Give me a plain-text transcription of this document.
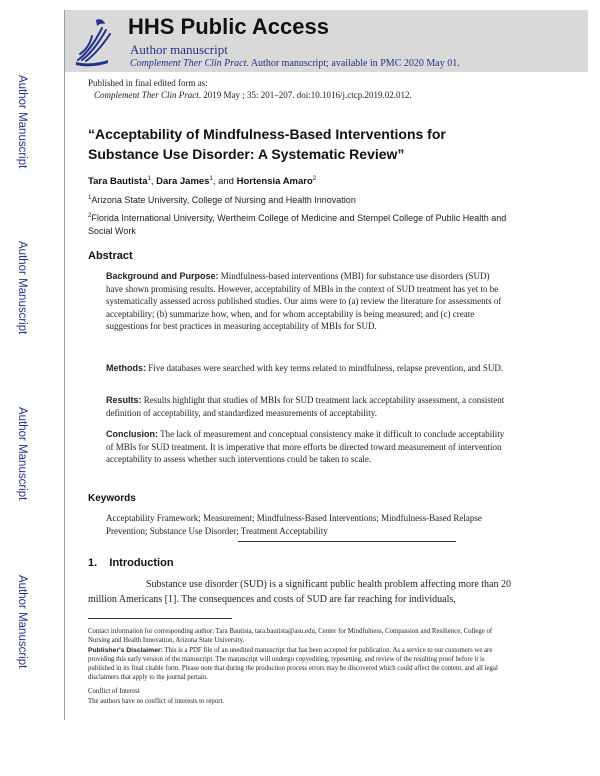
HHS Public Access
Author manuscript
Complement Ther Clin Pract. Author manuscript; available in PMC 2020 May 01.
Author Manuscript
Author Manuscript
Author Manuscript
Author Manuscript
Published in final edited form as:
Complement Ther Clin Pract. 2019 May ; 35: 201–207. doi:10.1016/j.ctcp.2019.02.012.
“Acceptability of Mindfulness-Based Interventions for Substance Use Disorder: A Systematic Review”
Tara Bautista$^1$, Dara James$^1$, and Hortensia Amaro$^2$
$^1$Arizona State University, College of Nursing and Health Innovation
$^2$Florida International University, Wertheim College of Medicine and Stempel College of Public Health and Social Work
Abstract
Background and Purpose: Mindfulness-based interventions (MBI) for substance use disorders (SUD) have shown promising results. However, acceptability of MBIs in the context of SUD treatment has yet to be systematically assessed across published studies. Our aims were to (a) review the literature for assessments of acceptability; (b) summarize how, when, and for whom acceptability is being measured; and (c) create suggestions for best practices in measuring acceptability of MBIs for SUD.
Methods: Five databases were searched with key terms related to mindfulness, relapse prevention, and SUD.
Results: Results highlight that studies of MBIs for SUD treatment lack acceptability assessment, a consistent definition of acceptability, and standardized measurements of acceptability.
Conclusion: The lack of measurement and conceptual consistency make it difficult to conclude acceptability of MBIs for SUD treatment. It is imperative that more efforts be directed toward measurement of intervention acceptability to assess whether such interventions could be taken to scale.
Keywords
Acceptability Framework; Measurement; Mindfulness-Based Interventions; Mindfulness-Based Relapse Prevention; Substance Use Disorder; Treatment Acceptability
1.    Introduction
Substance use disorder (SUD) is a significant public health problem affecting more than 20 million Americans [1]. The consequences and costs of SUD are far reaching for individuals,
Contact information for corresponding author: Tara Bautista, tara.bautista@asu.edu, Center for Mindfulness, Compassion and Resilience, College of Nursing and Health Innovation, Arizona State University.
Publisher's Disclaimer: This is a PDF file of an unedited manuscript that has been accepted for publication. As a service to our customers we are providing this early version of the manuscript. The manuscript will undergo copyediting, typesetting, and review of the resulting proof before it is published in its final citable form. Please note that during the production process errors may be discovered which could affect the content, and all legal disclaimers that apply to the journal pertain.
Conflict of Interest
The authors have no conflict of interests to report.
